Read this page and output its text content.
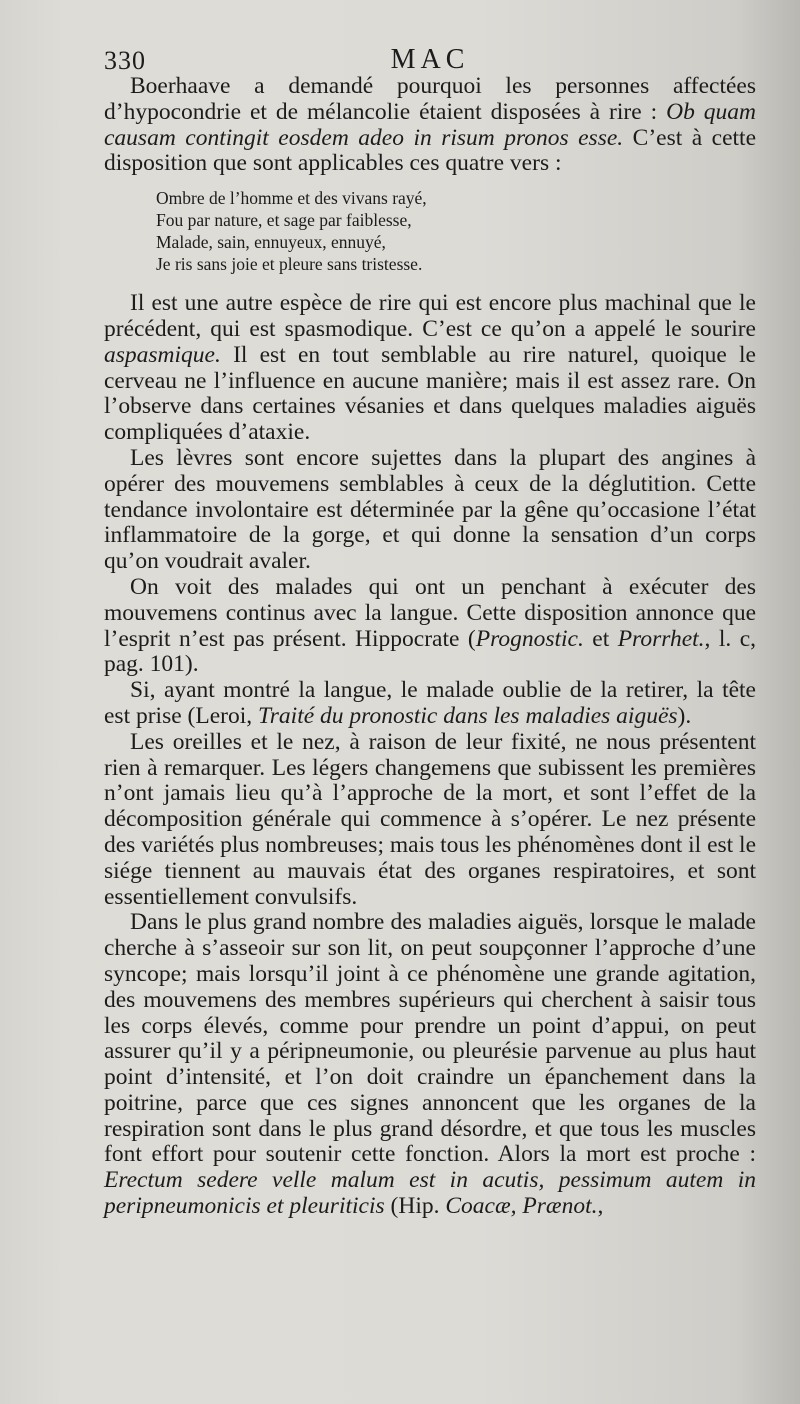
330	MAC

Boerhaave a demandé pourquoi les personnes affectées d’hypocondrie et de mélancolie étaient disposées à rire : Ob quam causam contingit eosdem adeo in risum pronos esse. C’est à cette disposition que sont applicables ces quatre vers :

Ombre de l’homme et des vivans rayé,
Fou par nature, et sage par faiblesse,
Malade, sain, ennuyeux, ennuyé,
Je ris sans joie et pleure sans tristesse.

Il est une autre espèce de rire qui est encore plus machinal que le précédent, qui est spasmodique. C’est ce qu’on a appelé le sourire aspasmique. Il est en tout semblable au rire naturel, quoique le cerveau ne l’influence en aucune manière; mais il est assez rare. On l’observe dans certaines vésanies et dans quelques maladies aiguës compliquées d’ataxie.

Les lèvres sont encore sujettes dans la plupart des angines à opérer des mouvemens semblables à ceux de la déglutition. Cette tendance involontaire est déterminée par la gêne qu’occasione l’état inflammatoire de la gorge, et qui donne la sensation d’un corps qu’on voudrait avaler.

On voit des malades qui ont un penchant à exécuter des mouvemens continus avec la langue. Cette disposition annonce que l’esprit n’est pas présent. Hippocrate (Prognostic. et Prorrhet., l. c, pag. 101).

Si, ayant montré la langue, le malade oublie de la retirer, la tête est prise (Leroi, Traité du pronostic dans les maladies aiguës).

Les oreilles et le nez, à raison de leur fixité, ne nous présentent rien à remarquer. Les légers changemens que subissent les premières n’ont jamais lieu qu’à l’approche de la mort, et sont l’effet de la décomposition générale qui commence à s’opérer. Le nez présente des variétés plus nombreuses; mais tous les phénomènes dont il est le siége tiennent au mauvais état des organes respiratoires, et sont essentiellement convulsifs.

Dans le plus grand nombre des maladies aiguës, lorsque le malade cherche à s’asseoir sur son lit, on peut soupçonner l’approche d’une syncope; mais lorsqu’il joint à ce phénomène une grande agitation, des mouvemens des membres supérieurs qui cherchent à saisir tous les corps élevés, comme pour prendre un point d’appui, on peut assurer qu’il y a péripneumonie, ou pleurésie parvenue au plus haut point d’intensité, et l’on doit craindre un épanchement dans la poitrine, parce que ces signes annoncent que les organes de la respiration sont dans le plus grand désordre, et que tous les muscles font effort pour soutenir cette fonction. Alors la mort est proche : Erectum sedere velle malum est in acutis, pessimum autem in peripneumonicis et pleuriticis (Hip. Coacæ, Prænot.,
